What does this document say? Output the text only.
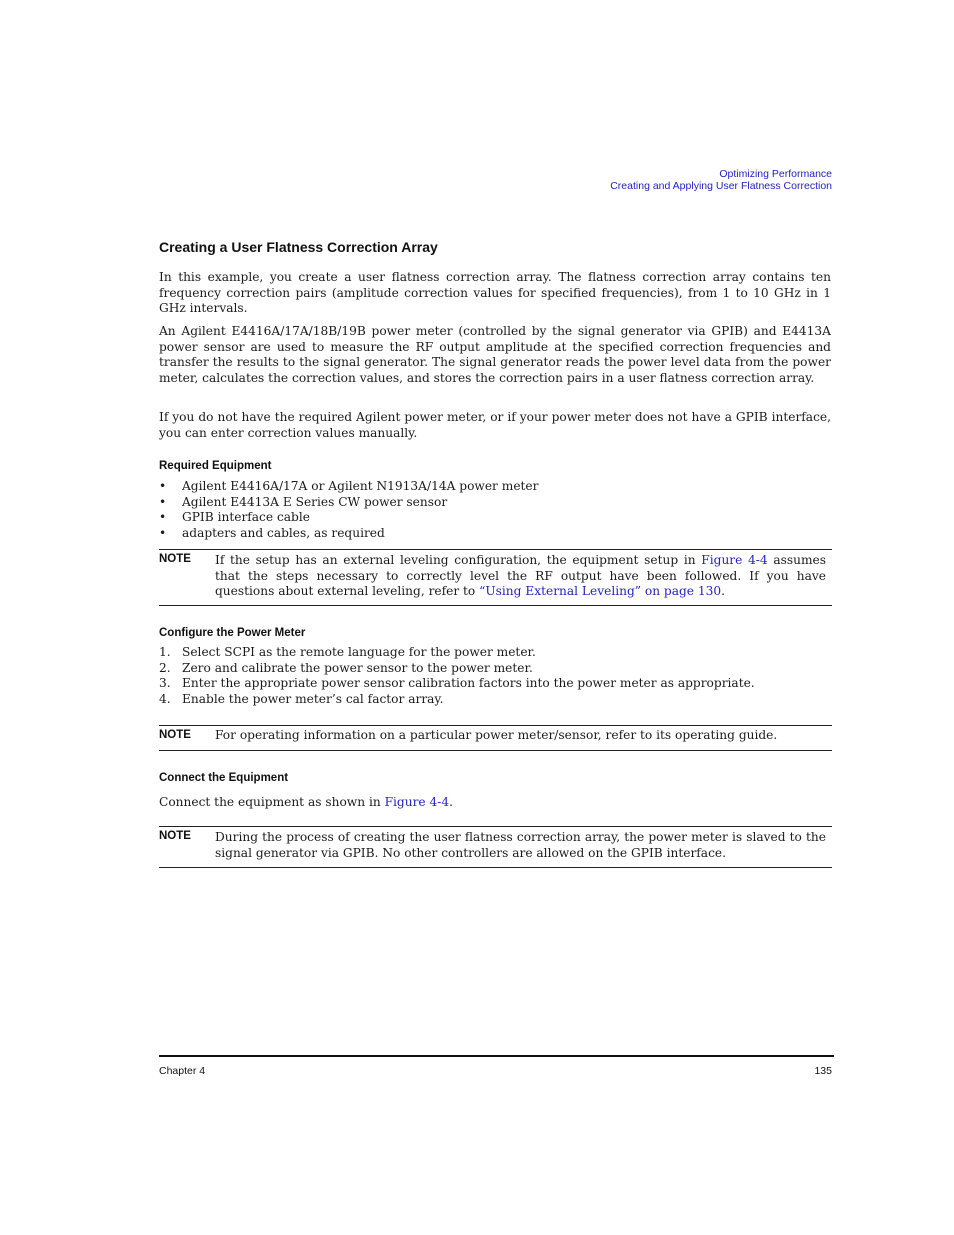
Optimizing Performance
Creating and Applying User Flatness Correction
Creating a User Flatness Correction Array

In this example, you create a user flatness correction array. The flatness correction array contains ten frequency correction pairs (amplitude correction values for specified frequencies), from 1 to 10 GHz in 1 GHz intervals.

An Agilent E4416A/17A/18B/19B power meter (controlled by the signal generator via GPIB) and E4413A power sensor are used to measure the RF output amplitude at the specified correction frequencies and transfer the results to the signal generator. The signal generator reads the power level data from the power meter, calculates the correction values, and stores the correction pairs in a user flatness correction array.

If you do not have the required Agilent power meter, or if your power meter does not have a GPIB interface, you can enter correction values manually.

Required Equipment
•	Agilent E4416A/17A or Agilent N1913A/14A power meter
•	Agilent E4413A E Series CW power sensor
•	GPIB interface cable
•	adapters and cables, as required
NOTE If the setup has an external leveling configuration, the equipment setup in Figure 4-4 assumes that the steps necessary to correctly level the RF output have been followed. If you have questions about external leveling, refer to “Using External Leveling” on page 130.
Configure the Power Meter
1. Select SCPI as the remote language for the power meter.
2. Zero and calibrate the power sensor to the power meter.
3. Enter the appropriate power sensor calibration factors into the power meter as appropriate.
4. Enable the power meter’s cal factor array.
NOTE For operating information on a particular power meter/sensor, refer to its operating guide.
Connect the Equipment
Connect the equipment as shown in Figure 4-4.
NOTE During the process of creating the user flatness correction array, the power meter is slaved to the signal generator via GPIB. No other controllers are allowed on the GPIB interface.
Chapter 4	135
